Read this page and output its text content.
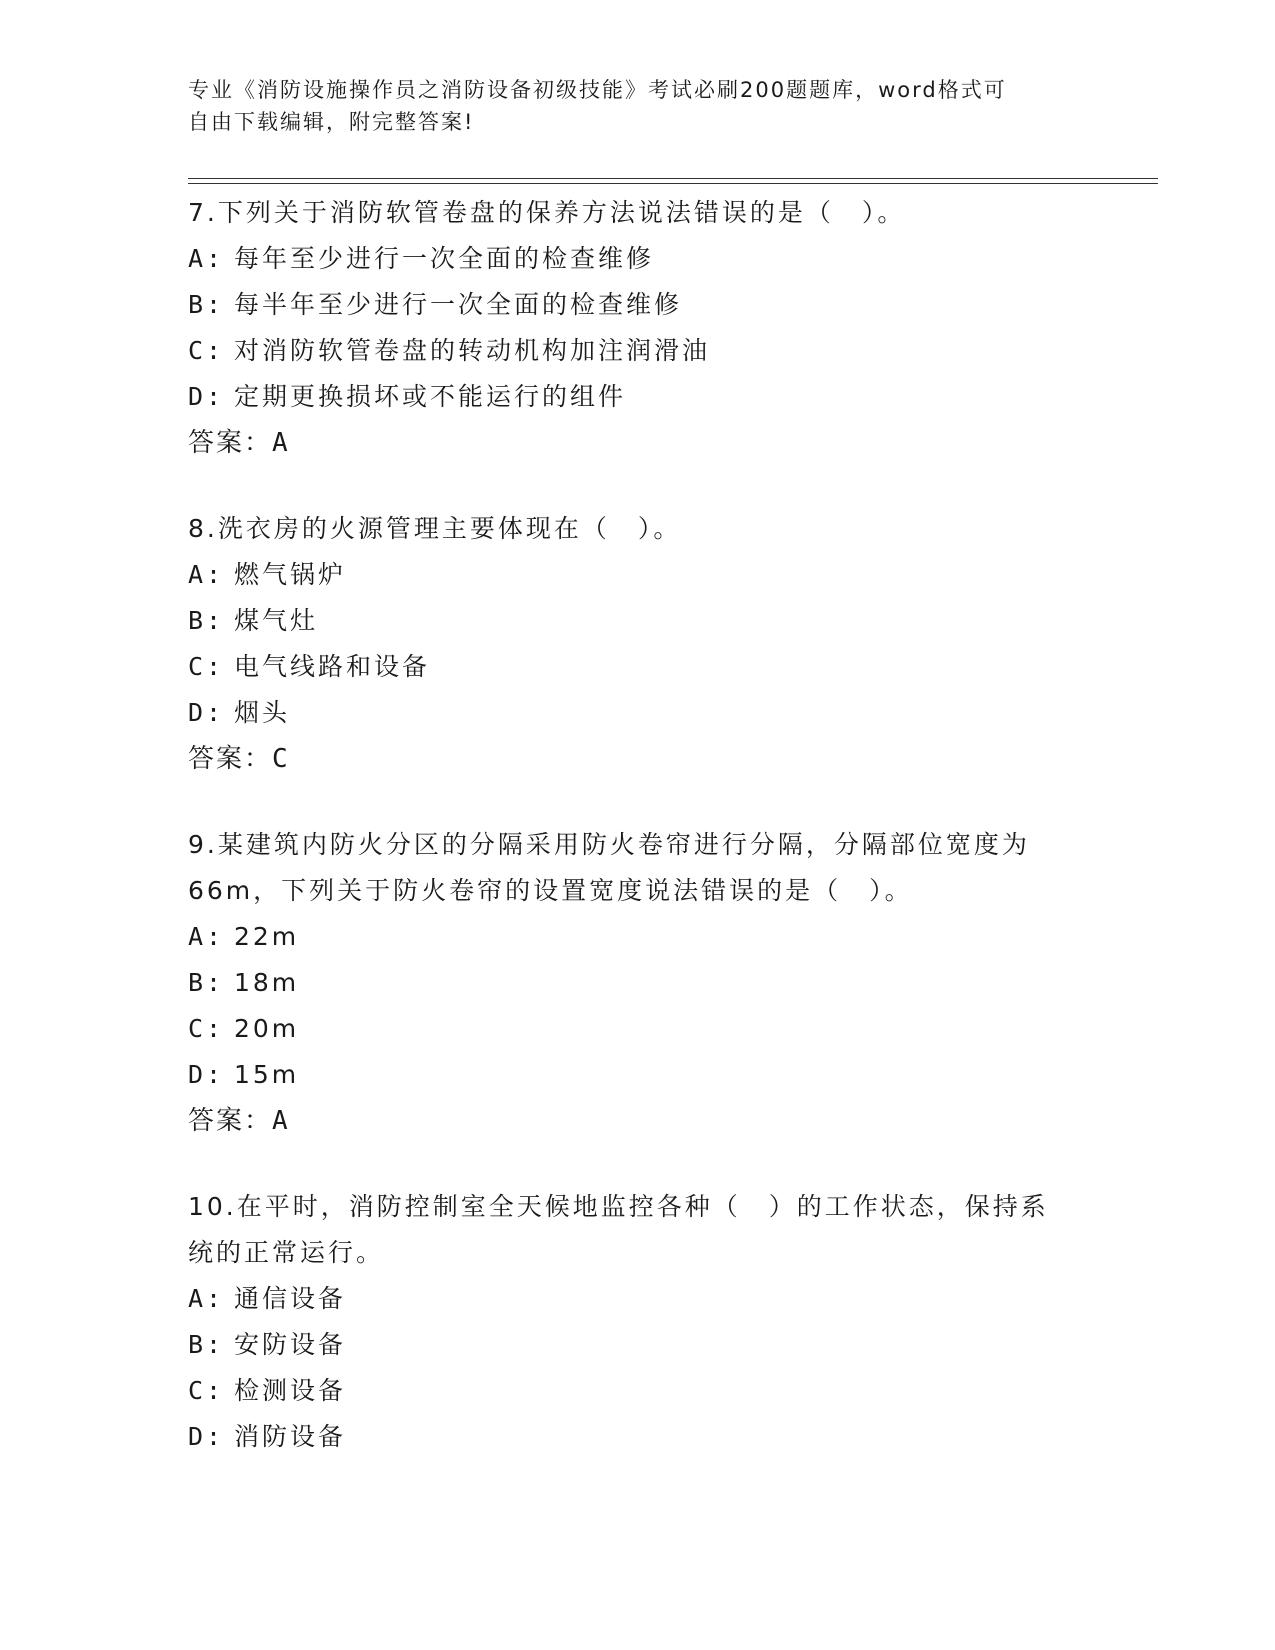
专业《消防设施操作员之消防设备初级技能》考试必刷200题题库，word格式可
自由下载编辑，附完整答案!
7.下列关于消防软管卷盘的保养方法说法错误的是（　）。
A: 每年至少进行一次全面的检查维修
B: 每半年至少进行一次全面的检查维修
C: 对消防软管卷盘的转动机构加注润滑油
D: 定期更换损坏或不能运行的组件
答案：A
8.洗衣房的火源管理主要体现在（　）。
A: 燃气锅炉
B: 煤气灶
C: 电气线路和设备
D: 烟头
答案：C
9.某建筑内防火分区的分隔采用防火卷帘进行分隔，分隔部位宽度为
66m，下列关于防火卷帘的设置宽度说法错误的是（　）。
A: 22m
B: 18m
C: 20m
D: 15m
答案：A
10.在平时，消防控制室全天候地监控各种（　）的工作状态，保持系
统的正常运行。
A: 通信设备
B: 安防设备
C: 检测设备
D: 消防设备
